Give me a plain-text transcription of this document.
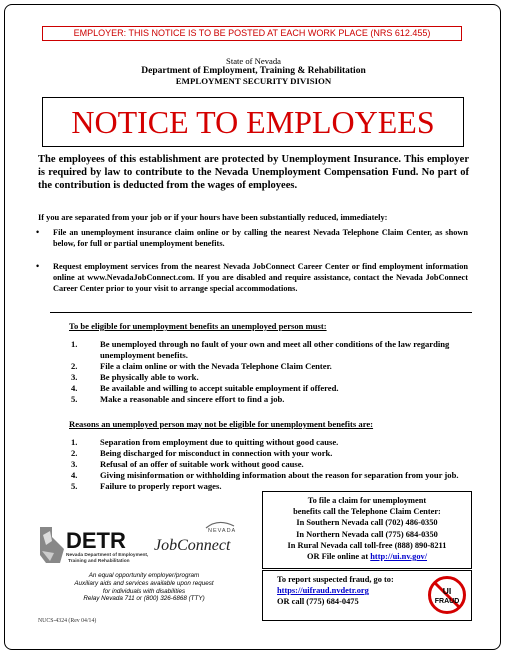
EMPLOYER: THIS NOTICE IS TO BE POSTED AT EACH WORK PLACE (NRS 612.455)
State of Nevada
Department of Employment, Training & Rehabilitation
EMPLOYMENT SECURITY DIVISION
NOTICE TO EMPLOYEES
The employees of this establishment are protected by Unemployment Insurance. This employer is required by law to contribute to the Nevada Unemployment Compensation Fund. No part of the contribution is deducted from the wages of employees.
If you are separated from your job or if your hours have been substantially reduced, immediately:
• File an unemployment insurance claim online or by calling the nearest Nevada Telephone Claim Center, as shown below, for full or partial unemployment benefits.
• Request employment services from the nearest Nevada JobConnect Career Center or find employment information online at www.NevadaJobConnect.com. If you are disabled and require assistance, contact the Nevada JobConnect Career Center prior to your visit to arrange special accommodations.
To be eligible for unemployment benefits an unemployed person must:
1.	Be unemployed through no fault of your own and meet all other conditions of the law regarding unemployment benefits.
2.	File a claim online or with the Nevada Telephone Claim Center.
3.	Be physically able to work.
4.	Be available and willing to accept suitable employment if offered.
5.	Make a reasonable and sincere effort to find a job.
Reasons an unemployed person may not be eligible for unemployment benefits are:
1.	Separation from employment due to quitting without good cause.
2.	Being discharged for misconduct in connection with your work.
3.	Refusal of an offer of suitable work without good cause.
4.	Giving misinformation or withholding information about the reason for separation from your job.
5.	Failure to properly report wages.
To file a claim for unemployment
benefits call the Telephone Claim Center:
In Southern Nevada call (702) 486-0350
In Northern Nevada call (775) 684-0350
In Rural Nevada call toll-free (888) 890-8211
OR File online at http://ui.nv.gov/
To report suspected fraud, go to:
https://uifraud.nvdetr.org
OR call (775) 684-0475
UI
FRAUD
DETR
Nevada Department of Employment,
Training and Rehabilitation
NEVADA
JobConnect
An equal opportunity employer/program
Auxiliary aids and services available upon request
for individuals with disabilities
Relay Nevada 711 or (800) 326-6868 (TTY)
NUCS-4324 (Rev 04/14)
